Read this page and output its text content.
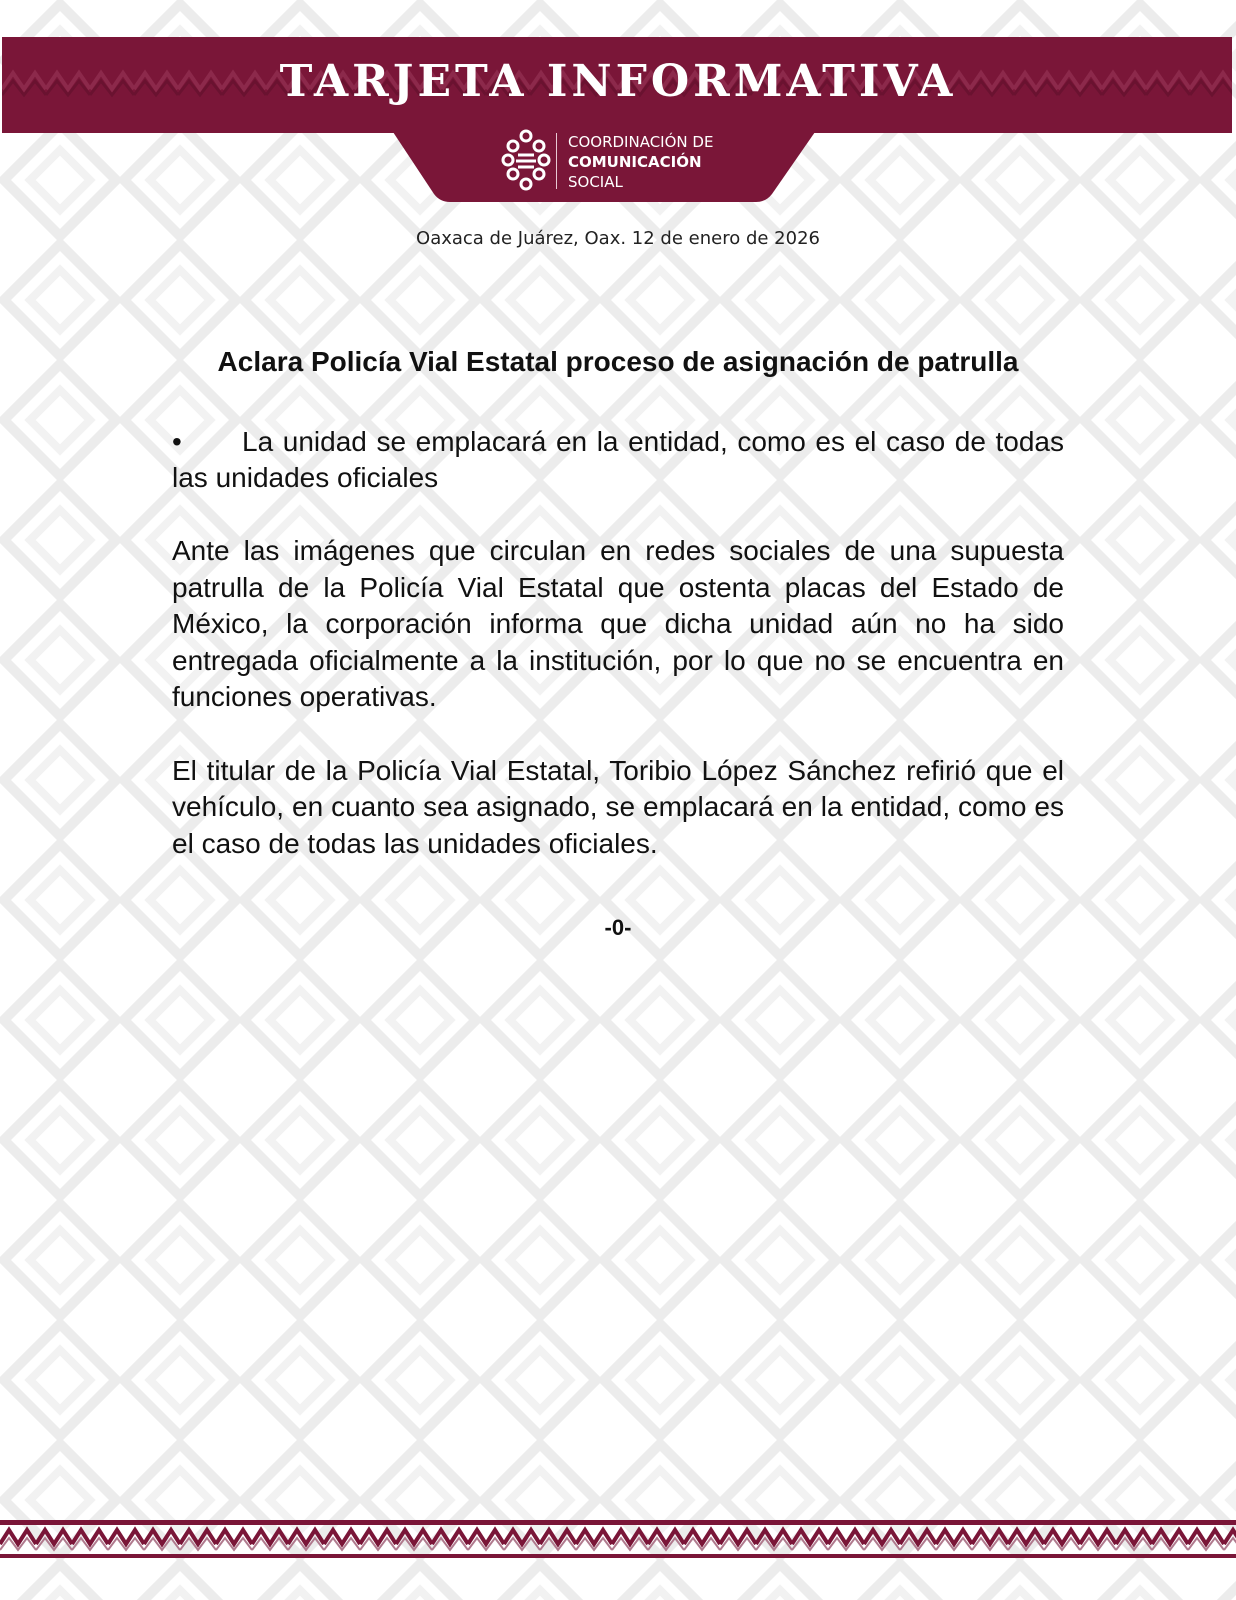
TARJETA INFORMATIVA
COORDINACIÓN DE
COMUNICACIÓN
SOCIAL
Oaxaca de Juárez, Oax. 12 de enero de 2026
Aclara Policía Vial Estatal proceso de asignación de patrulla
• La unidad se emplacará en la entidad, como es el caso de todas las unidades oficiales

Ante las imágenes que circulan en redes sociales de una supuesta patrulla de la Policía Vial Estatal que ostenta placas del Estado de México, la corporación informa que dicha unidad aún no ha sido entregada oficialmente a la institución, por lo que no se encuentra en funciones operativas.

El titular de la Policía Vial Estatal, Toribio López Sánchez refirió que el vehículo, en cuanto sea asignado, se emplacará en la entidad, como es el caso de todas las unidades oficiales.

-0-
